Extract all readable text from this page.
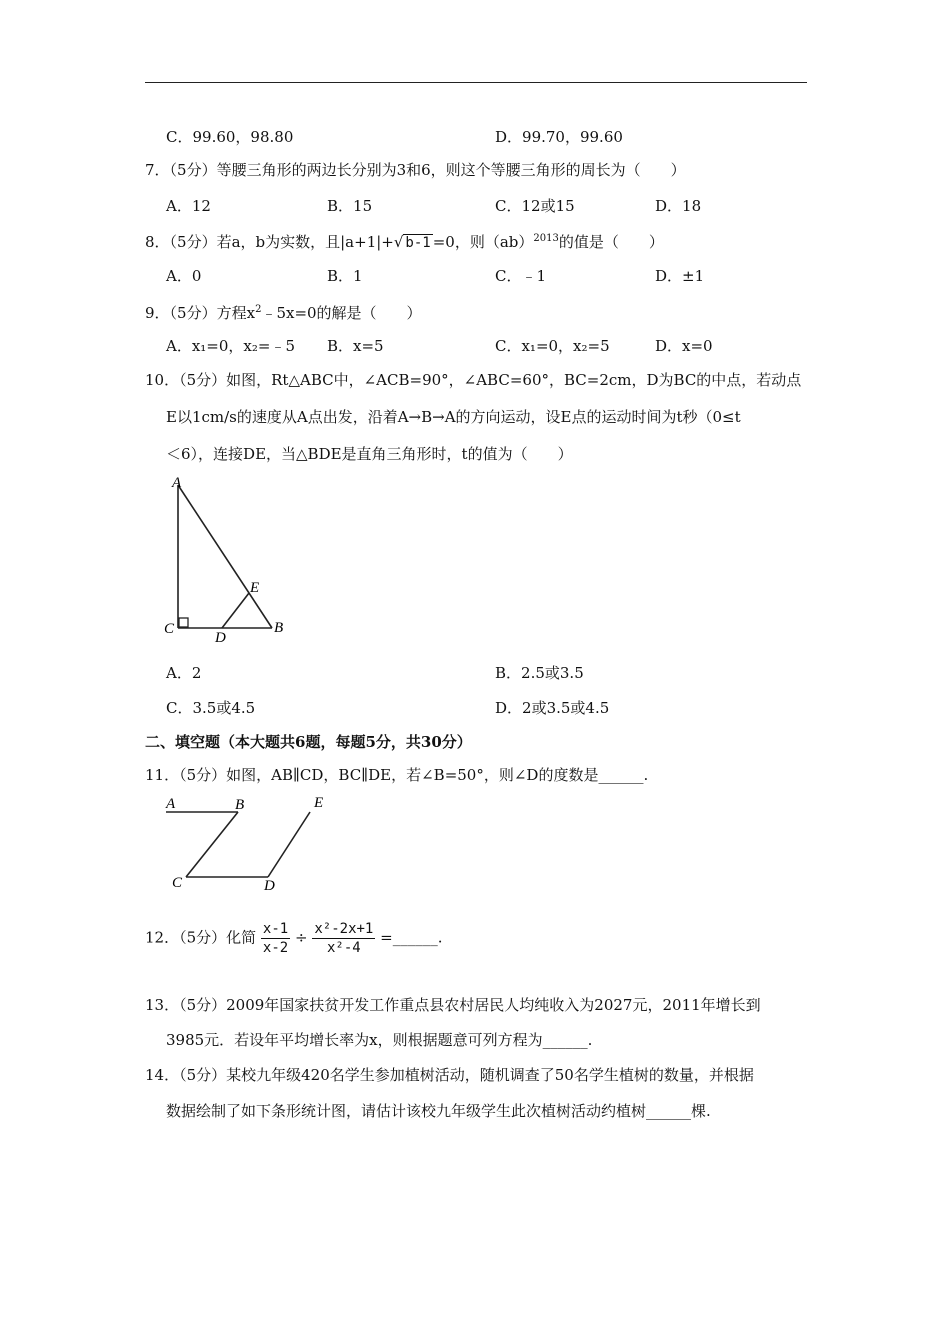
C．99.60，98.80	D．99.70，99.60
7．（5分）等腰三角形的两边长分别为3和6，则这个等腰三角形的周长为（　　）
A．12	B．15	C．12或15	D．18
8．（5分）若a，b为实数，且|a+1|+√ b-1 =0，则（ab）$^{2013}$的值是（　　）
A．0	B．1	C．﹣1	D．±1
9．（5分）方程$x^2﹣5x=0$的解是（　　）
A．x₁=0，x₂=﹣5 B．x=5	C．x₁=0，x₂=5	D．x=0
10．（5分）如图，Rt△ABC中，∠ACB=90°，∠ABC=60°，BC=2cm，D为BC的中点，若动点
E以1cm/s的速度从A点出发，沿着A→B→A的方向运动，设E点的运动时间为t秒（0≤t
＜6），连接DE，当△BDE是直角三角形时，t的值为（　　）
A
C
D
B
E
A．2	B．2.5或3.5
C．3.5或4.5	D．2或3.5或4.5
二、填空题（本大题共6题，每题5分，共30分）
11．（5分）如图，AB∥CD，BC∥DE，若∠B=50°，则∠D的度数是______.
A	B
C	D
E
12．（5分）化简 $\frac{x-1}{x-2} \div \frac{\text{x²-2x+1}}{\text{x²-4}}$ =______.
13．（5分）2009年国家扶贫开发工作重点县农村居民人均纯收入为2027元，2011年增长到
3985元．若设年平均增长率为x，则根据题意可列方程为______.
14．（5分）某校九年级420名学生参加植树活动，随机调查了50名学生植树的数量，并根据
数据绘制了如下条形统计图，请估计该校九年级学生此次植树活动约植树______棵.
